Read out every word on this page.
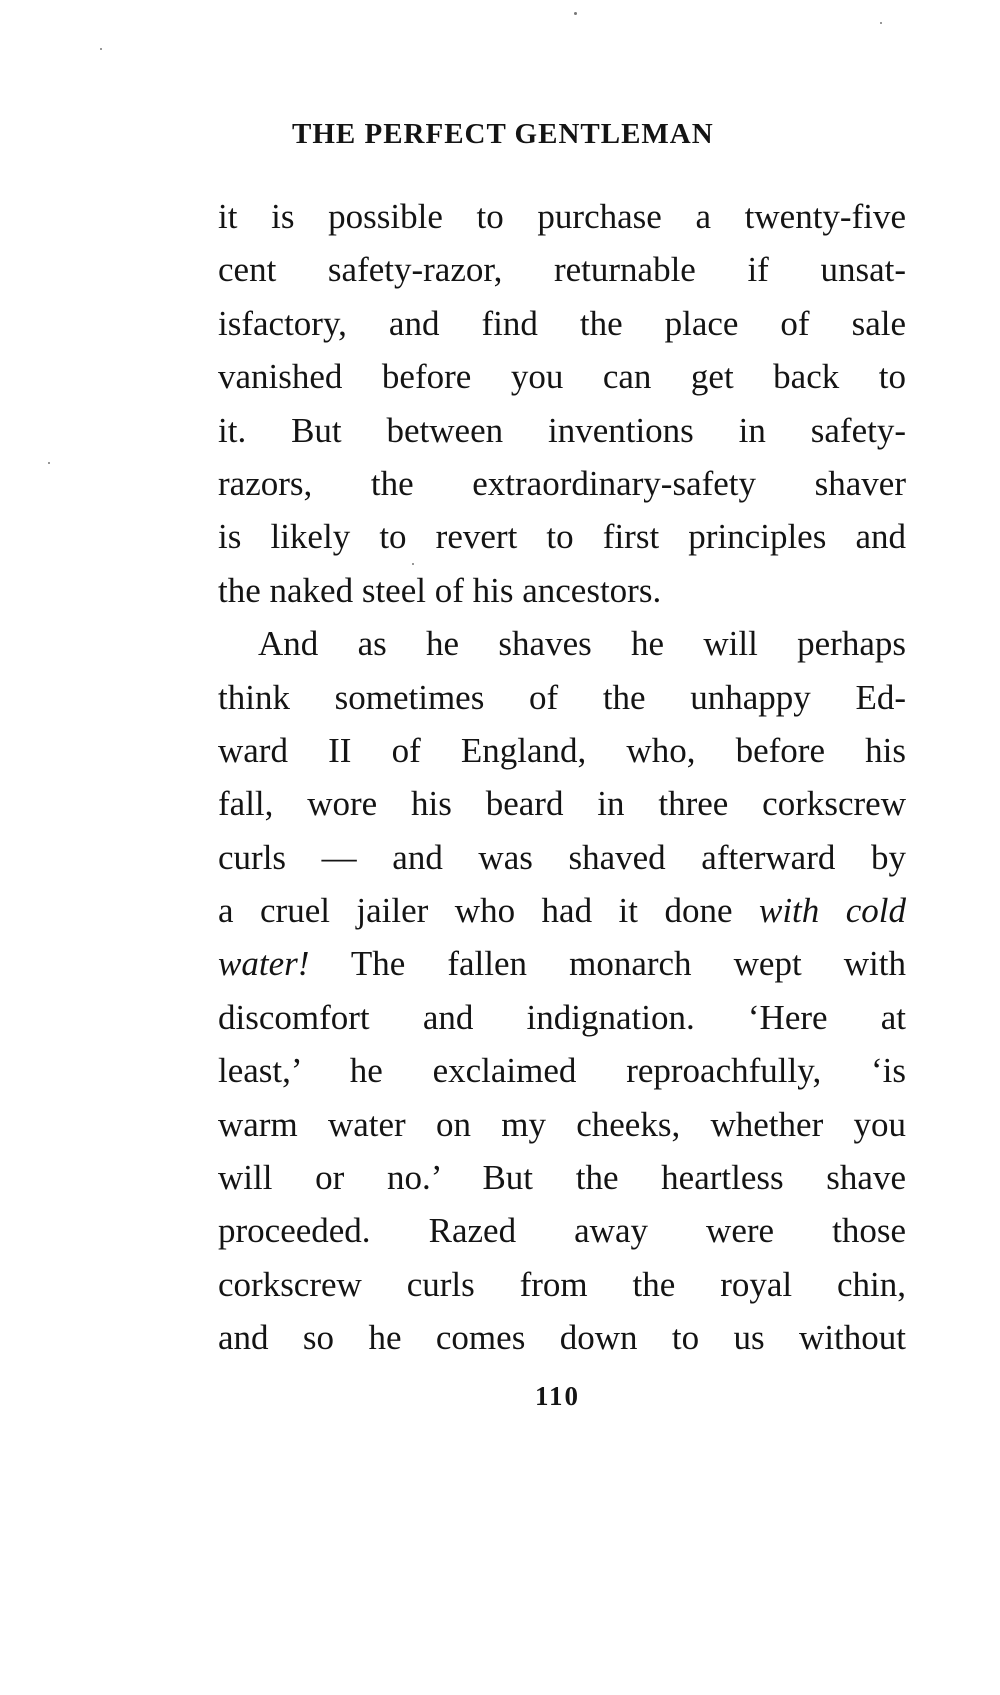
THE PERFECT GENTLEMAN

it is possible to purchase a twenty-five
cent safety-razor, returnable if unsat-
isfactory, and find the place of sale
vanished before you can get back to
it. But between inventions in safety-
razors, the extraordinary-safety shaver
is likely to revert to first principles and
the naked steel of his ancestors.
And as he shaves he will perhaps
think sometimes of the unhappy Ed-
ward II of England, who, before his
fall, wore his beard in three corkscrew
curls — and was shaved afterward by
a cruel jailer who had it done with cold
water! The fallen monarch wept with
discomfort and indignation. ‘Here at
least,’ he exclaimed reproachfully, ‘is
warm water on my cheeks, whether you
will or no.’ But the heartless shave
proceeded. Razed away were those
corkscrew curls from the royal chin,
and so he comes down to us without

110
